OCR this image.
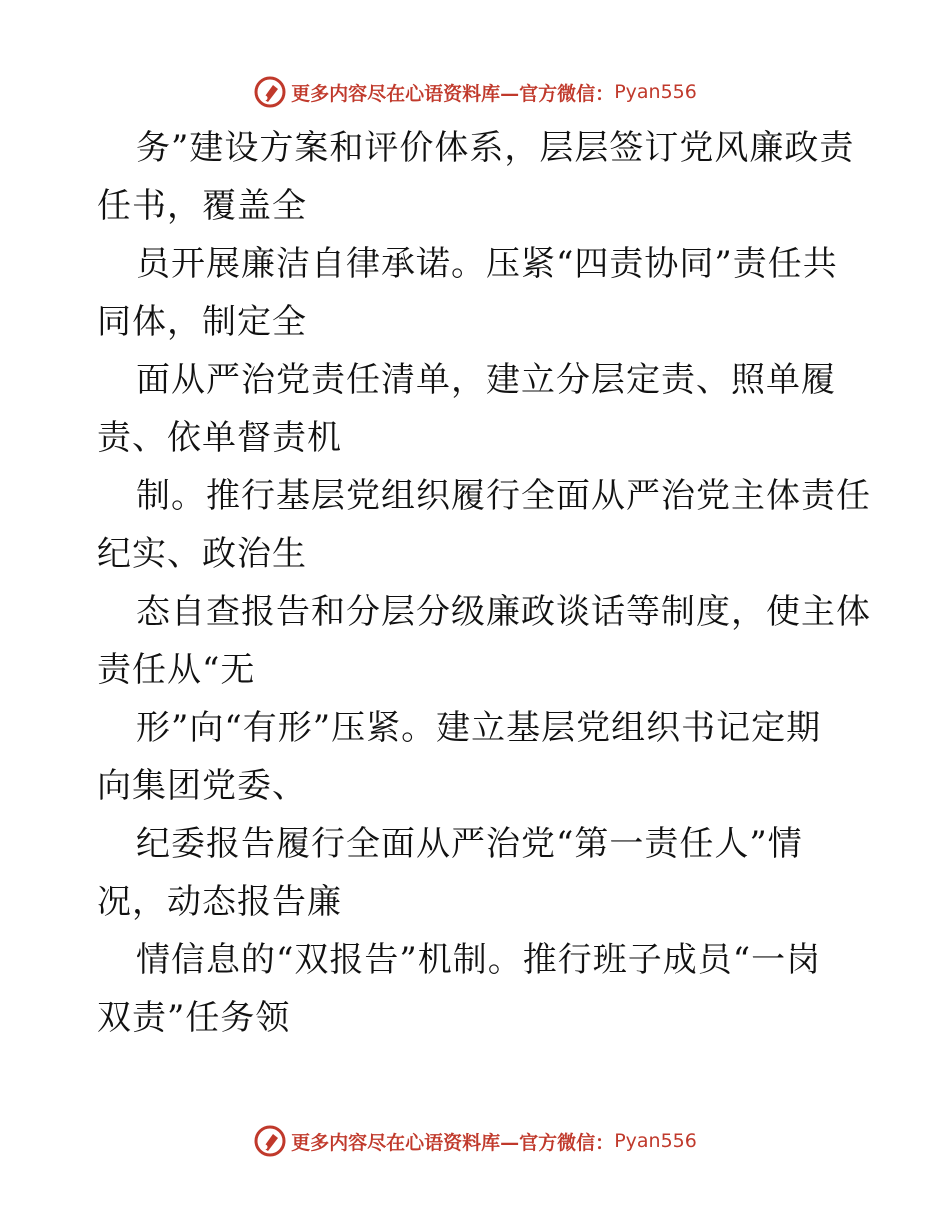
更多内容尽在心语资料库 —官方微信： Pyan556
务”建设方案和评价体系，层层签订党风廉政责
任书，覆盖全
员开展廉洁自律承诺。压紧“四责协同”责任共
同体，制定全
面从严治党责任清单，建立分层定责、照单履
责、依单督责机
制。推行基层党组织履行全面从严治党主体责任
纪实、政治生
态自查报告和分层分级廉政谈话等制度，使主体
责任从“无
形”向“有形”压紧。建立基层党组织书记定期
向集团党委、
纪委报告履行全面从严治党“第一责任人”情
况，动态报告廉
情信息的“双报告”机制。推行班子成员“一岗
双责”任务领
更多内容尽在心语资料库 —官方微信： Pyan556
